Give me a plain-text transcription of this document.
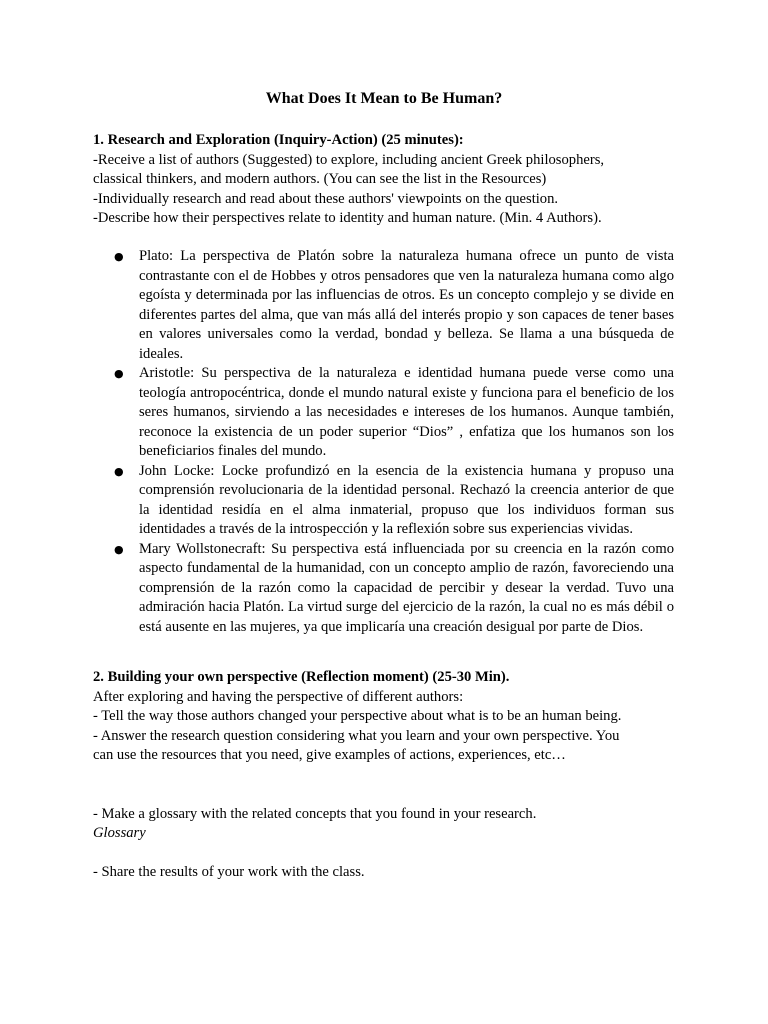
What Does It Mean to Be Human?
1. Research and Exploration (Inquiry-Action) (25 minutes):
-Receive a list of authors (Suggested) to explore, including ancient Greek philosophers,
classical thinkers, and modern authors. (You can see the list in the Resources)
-Individually research and read about these authors' viewpoints on the question.
-Describe how their perspectives relate to identity and human nature. (Min. 4 Authors).
● Plato: La perspectiva de Platón sobre la naturaleza humana ofrece un punto de vista contrastante con el de Hobbes y otros pensadores que ven la naturaleza humana como algo egoísta y determinada por las influencias de otros. Es un concepto complejo y se divide en diferentes partes del alma, que van más allá del interés propio y son capaces de tener bases en valores universales como la verdad, bondad y belleza. Se llama a una búsqueda de ideales.
● Aristotle: Su perspectiva de la naturaleza e identidad humana puede verse como una teología antropocéntrica, donde el mundo natural existe y funciona para el beneficio de los seres humanos, sirviendo a las necesidades e intereses de los humanos. Aunque también, reconoce la existencia de un poder superior “Dios” , enfatiza que los humanos son los beneficiarios finales del mundo.
● John Locke: Locke profundizó en la esencia de la existencia humana y propuso una comprensión revolucionaria de la identidad personal. Rechazó la creencia anterior de que la identidad residía en el alma inmaterial, propuso que los individuos forman sus identidades a través de la introspección y la reflexión sobre sus experiencias vividas.
● Mary Wollstonecraft: Su perspectiva está influenciada por su creencia en la razón como aspecto fundamental de la humanidad, con un concepto amplio de razón, favoreciendo una comprensión de la razón como la capacidad de percibir y desear la verdad. Tuvo una admiración hacia Platón. La virtud surge del ejercicio de la razón, la cual no es más débil o está ausente en las mujeres, ya que implicaría una creación desigual por parte de Dios.
2. Building your own perspective (Reflection moment) (25-30 Min).
After exploring and having the perspective of different authors:
- Tell the way those authors changed your perspective about what is to be an human being.
- Answer the research question considering what you learn and your own perspective. You
can use the resources that you need, give examples of actions, experiences, etc…
- Make a glossary with the related concepts that you found in your research.
Glossary
- Share the results of your work with the class.
